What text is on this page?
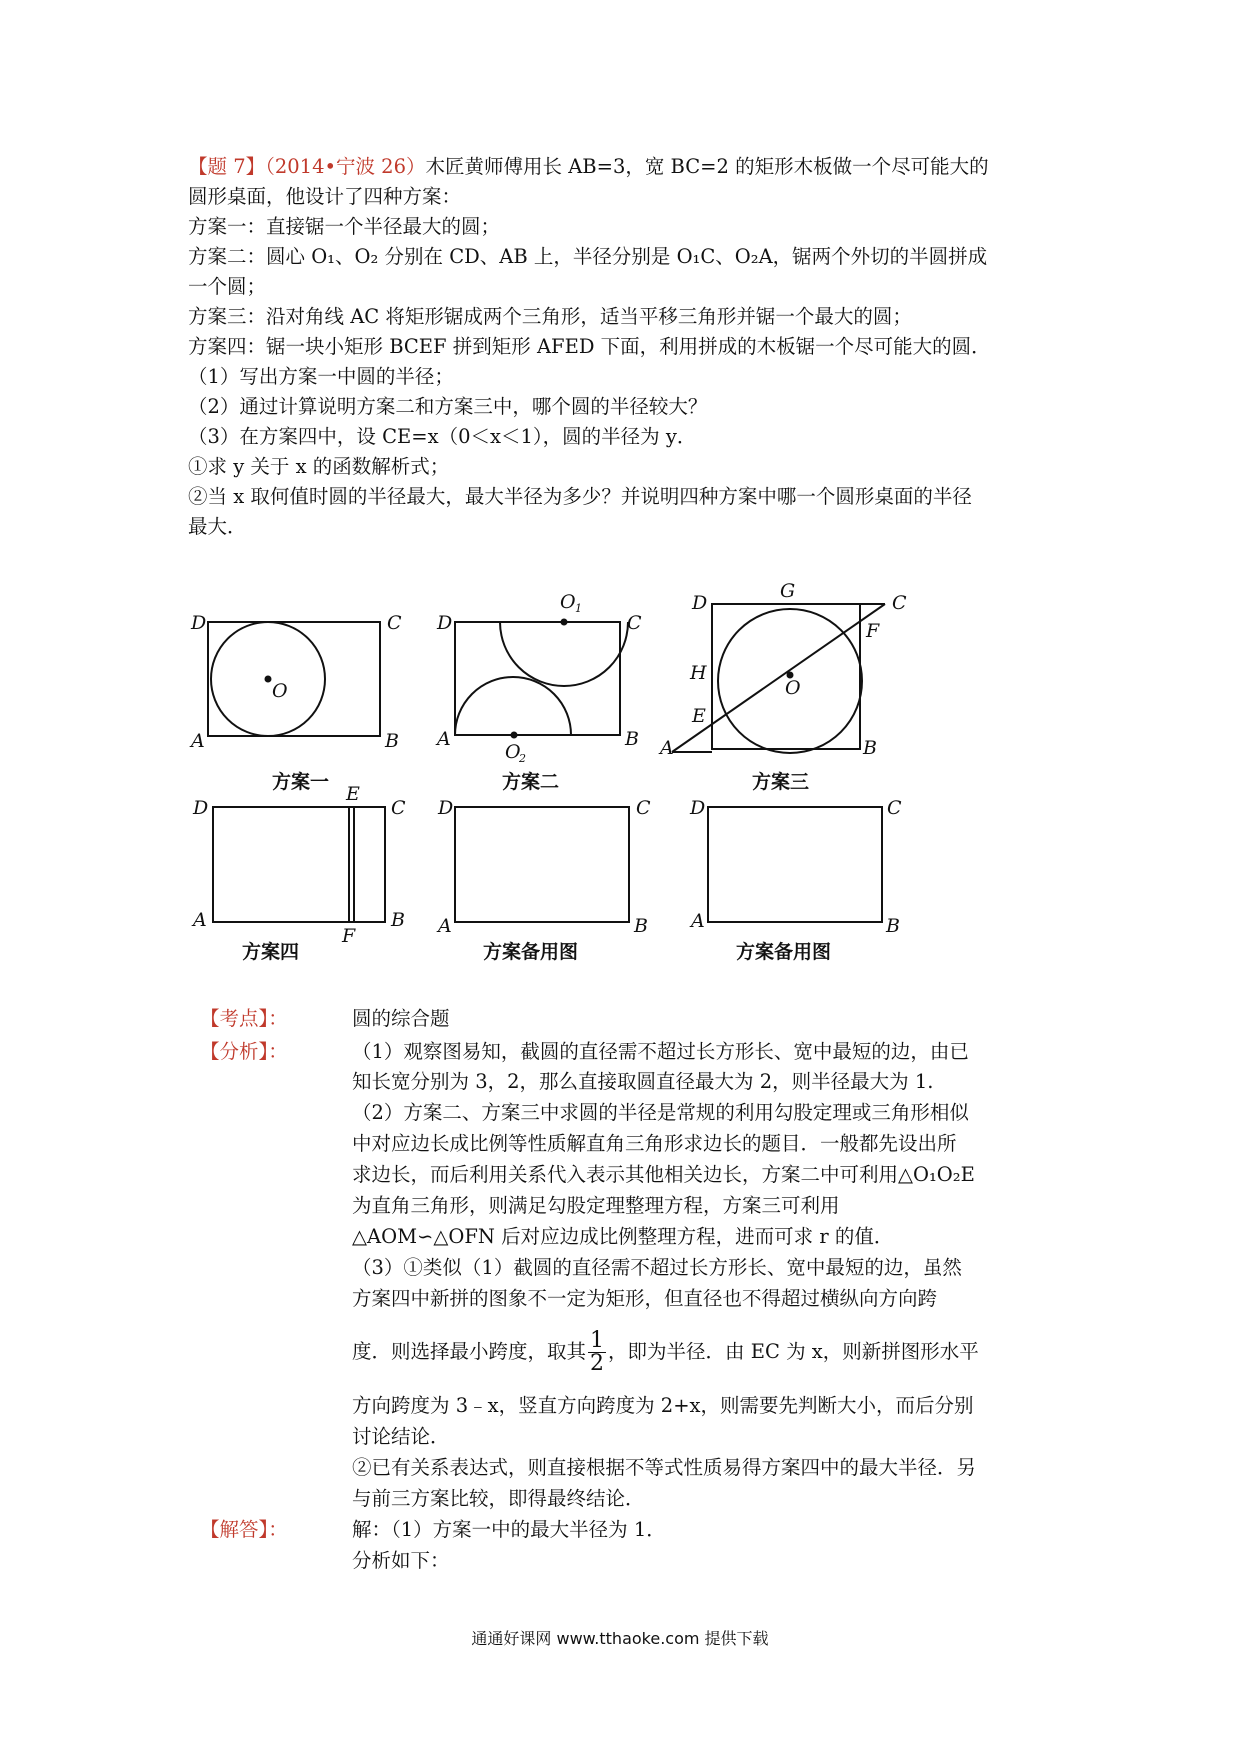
【题 7】（2014•宁波 26）木匠黄师傅用长 AB=3，宽 BC=2 的矩形木板做一个尽可能大的
圆形桌面，他设计了四种方案：
方案一：直接锯一个半径最大的圆；
方案二：圆心 O₁、O₂ 分别在 CD、AB 上，半径分别是 O₁C、O₂A，锯两个外切的半圆拼成
一个圆；
方案三：沿对角线 AC 将矩形锯成两个三角形，适当平移三角形并锯一个最大的圆；
方案四：锯一块小矩形 BCEF 拼到矩形 AFED 下面，利用拼成的木板锯一个尽可能大的圆．
（1）写出方案一中圆的半径；
（2）通过计算说明方案二和方案三中，哪个圆的半径较大？
（3）在方案四中，设 CE=x（0＜x＜1），圆的半径为 y．
①求 y 关于 x 的函数解析式；
②当 x 取何值时圆的半径最大，最大半径为多少？并说明四种方案中哪一个圆形桌面的半径
最大．
D	C
A	B
O
方案一
D	C
A	B
O 1
O
2
方案二
D
G
C
F
H
O
E
A	B
方案三
D
E
C
A
F
B
方案四
D	C
A	B
方案备用图
D	C
A	B
方案备用图
【考点】：	圆的综合题
【分析】：	（1）观察图易知，截圆的直径需不超过长方形长、宽中最短的边，由已
知长宽分别为 3，2，那么直接取圆直径最大为 2，则半径最大为 1.
（2）方案二、方案三中求圆的半径是常规的利用勾股定理或三角形相似
中对应边长成比例等性质解直角三角形求边长的题目．一般都先设出所
求边长，而后利用关系代入表示其他相关边长，方案二中可利用△O₁O₂E
为直角三角形，则满足勾股定理整理方程，方案三可利用
△AOM∽△OFN 后对应边成比例整理方程，进而可求 r 的值．
（3）①类似（1）截圆的直径需不超过长方形长、宽中最短的边，虽然
方案四中新拼的图象不一定为矩形，但直径也不得超过横纵向方向跨
度．则选择最小跨度，取其 $\frac{1}{2}$ ，即为半径．由 EC 为 x，则新拼图形水平
方向跨度为 3﹣x，竖直方向跨度为 2+x，则需要先判断大小，而后分别
讨论结论．
②已有关系表达式，则直接根据不等式性质易得方案四中的最大半径．另
与前三方案比较，即得最终结论．
【解答】：	解：（1）方案一中的最大半径为 1．
分析如下：
通通好课网 www.tthaoke.com 提供下载
